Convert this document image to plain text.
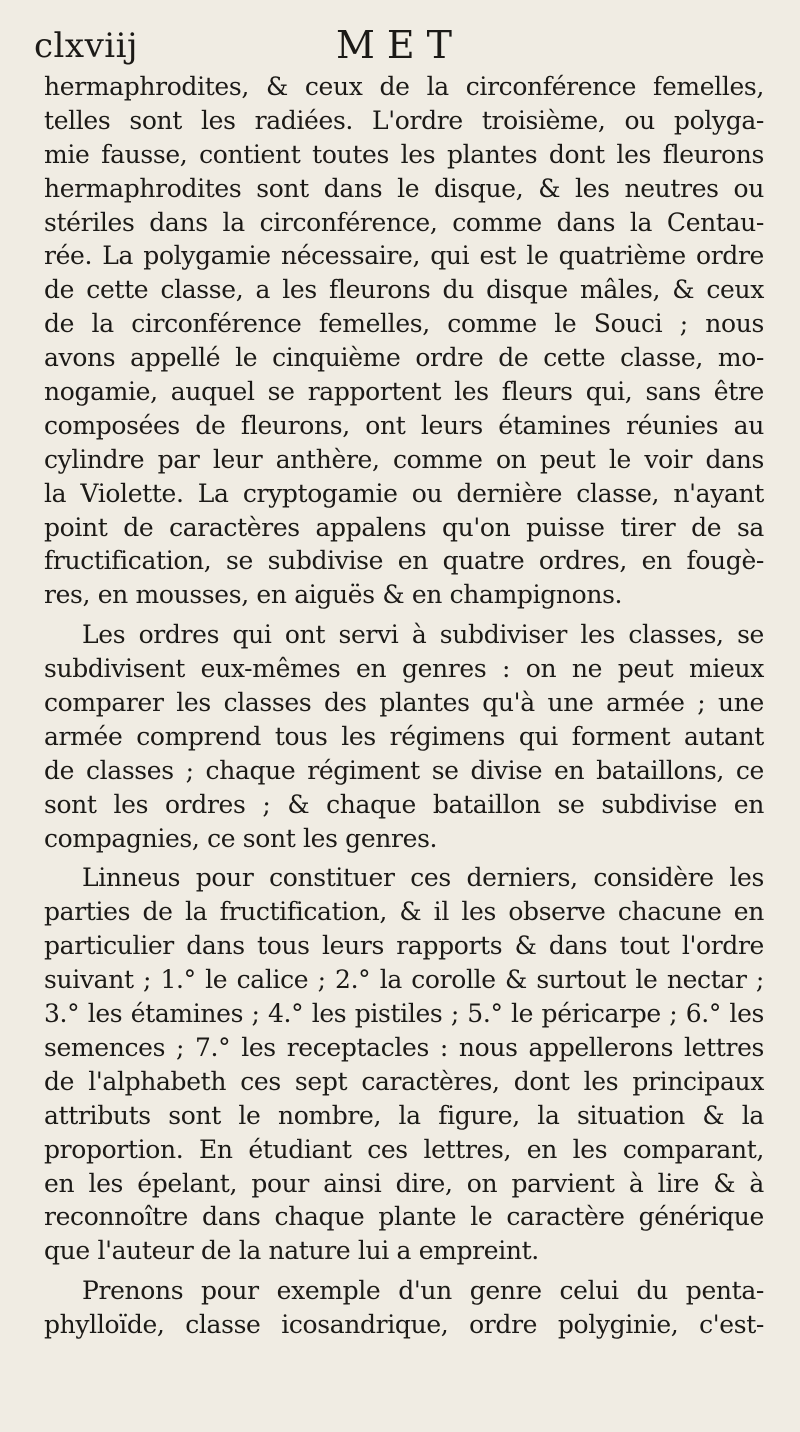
clxviij	MET
hermaphrodites, & ceux de la circonférence femelles,
telles sont les radiées. L'ordre troisième, ou polyga-
mie fausse, contient toutes les plantes dont les fleurons
hermaphrodites sont dans le disque, & les neutres ou
stériles dans la circonférence, comme dans la Centau-
rée. La polygamie nécessaire, qui est le quatrième ordre
de cette classe, a les fleurons du disque mâles, & ceux
de la circonférence femelles, comme le Souci ; nous
avons appellé le cinquième ordre de cette classe, mo-
nogamie, auquel se rapportent les fleurs qui, sans être
composées de fleurons, ont leurs étamines réunies au
cylindre par leur anthère, comme on peut le voir dans
la Violette. La cryptogamie ou dernière classe, n'ayant
point de caractères appalens qu'on puisse tirer de sa
fructification, se subdivise en quatre ordres, en fougè-
res, en mousses, en aiguës & en champignons.
Les ordres qui ont servi à subdiviser les classes, se
subdivisent eux-mêmes en genres : on ne peut mieux
comparer les classes des plantes qu'à une armée ; une
armée comprend tous les régimens qui forment autant
de classes ; chaque régiment se divise en bataillons, ce
sont les ordres ; & chaque bataillon se subdivise en
compagnies, ce sont les genres.
Linneus pour constituer ces derniers, considère les
parties de la fructification, & il les observe chacune en
particulier dans tous leurs rapports & dans tout l'ordre
suivant ; 1.° le calice ; 2.° la corolle & surtout le nectar ;
3.° les étamines ; 4.° les pistiles ; 5.° le péricarpe ; 6.° les
semences ; 7.° les receptacles : nous appellerons lettres
de l'alphabeth ces sept caractères, dont les principaux
attributs sont le nombre, la figure, la situation & la
proportion. En étudiant ces lettres, en les comparant,
en les épelant, pour ainsi dire, on parvient à lire & à
reconnoître dans chaque plante le caractère générique
que l'auteur de la nature lui a empreint.
Prenons pour exemple d'un genre celui du penta-
phylloïde, classe icosandrique, ordre polyginie, c'est-
